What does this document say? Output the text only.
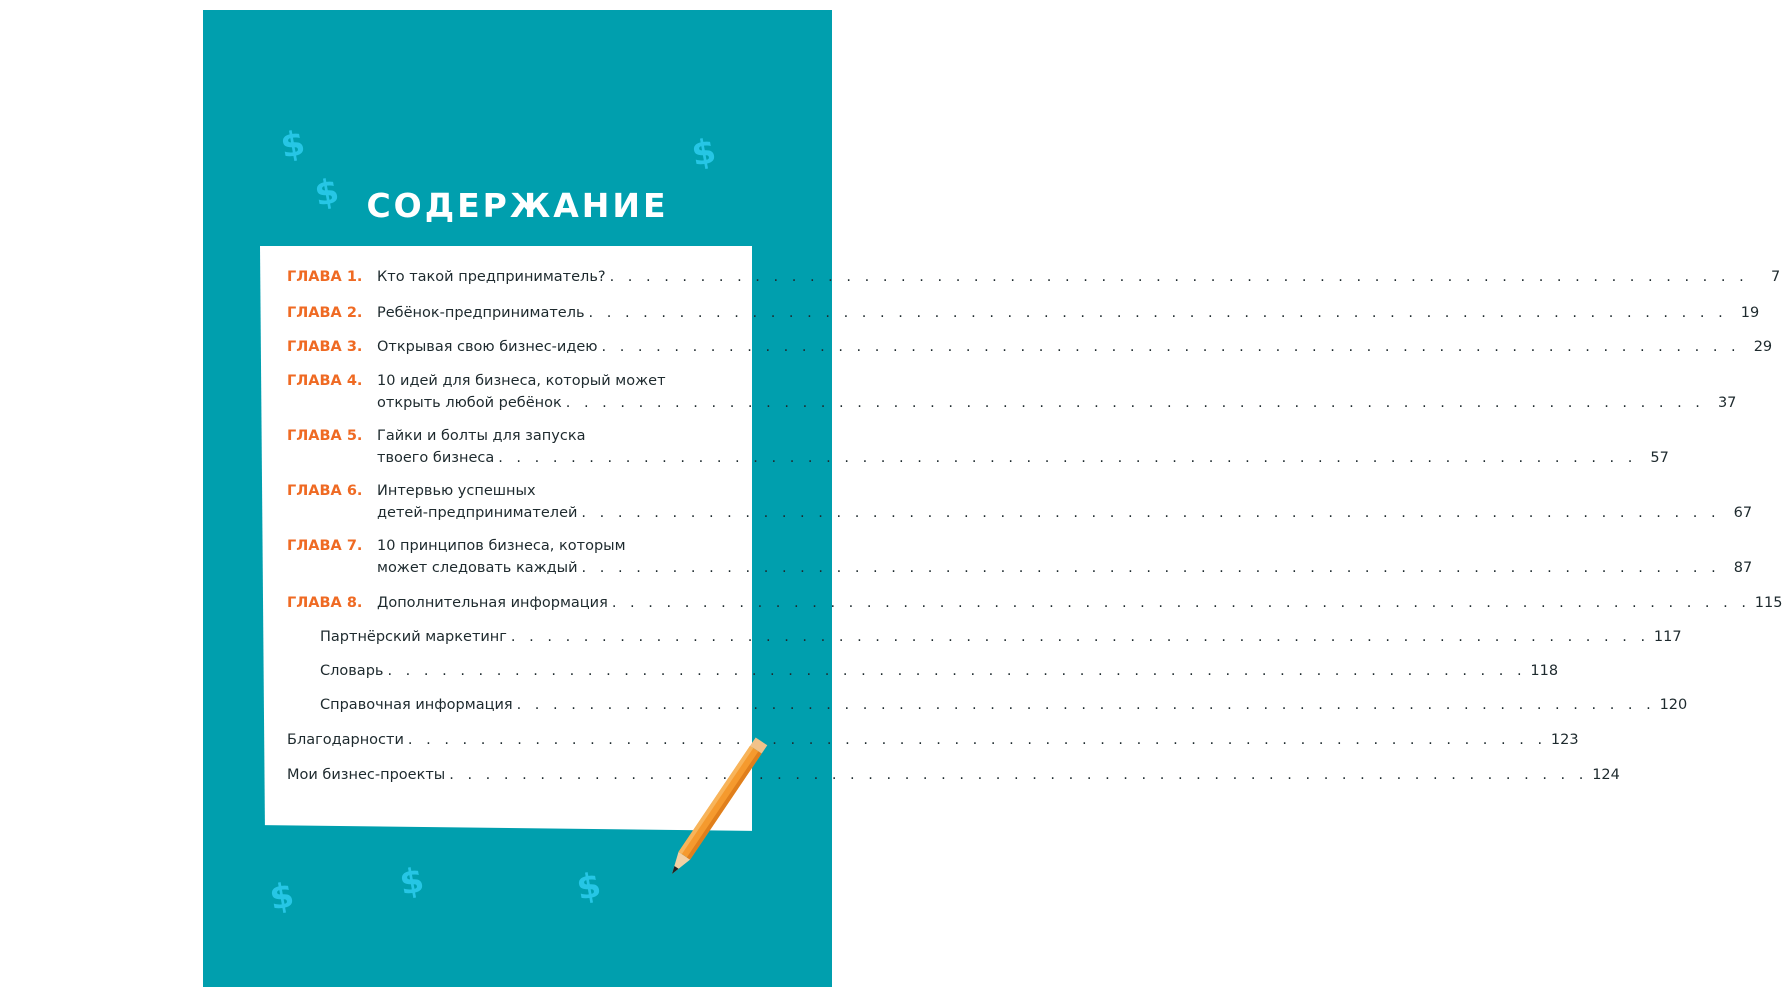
$
$
$
$	$	$
СОДЕРЖАНИЕ
ГЛАВА 1.	Кто такой предприниматель? . . .	7
ГЛАВА 2.	Ребёнок-предприниматель . . .	19
ГЛАВА 3.	Открывая свою бизнес-идею . . .	29
ГЛАВА 4.	10 идей для бизнеса, который может
открыть любой ребёнок . . .	37
ГЛАВА 5.	Гайки и болты для запуска
твоего бизнеса . . .	57
ГЛАВА 6.	Интервью успешных
детей-предпринимателей . . .	67
ГЛАВА 7.	10 принципов бизнеса, которым
может следовать каждый . . .	87
ГЛАВА 8.	Дополнительная информация . . .	115
Партнёрский маркетинг . . .	117
Словарь . . .	118
Справочная информация . . .	120
Благодарности . . .	123
Мои бизнес-проекты . . .	124
